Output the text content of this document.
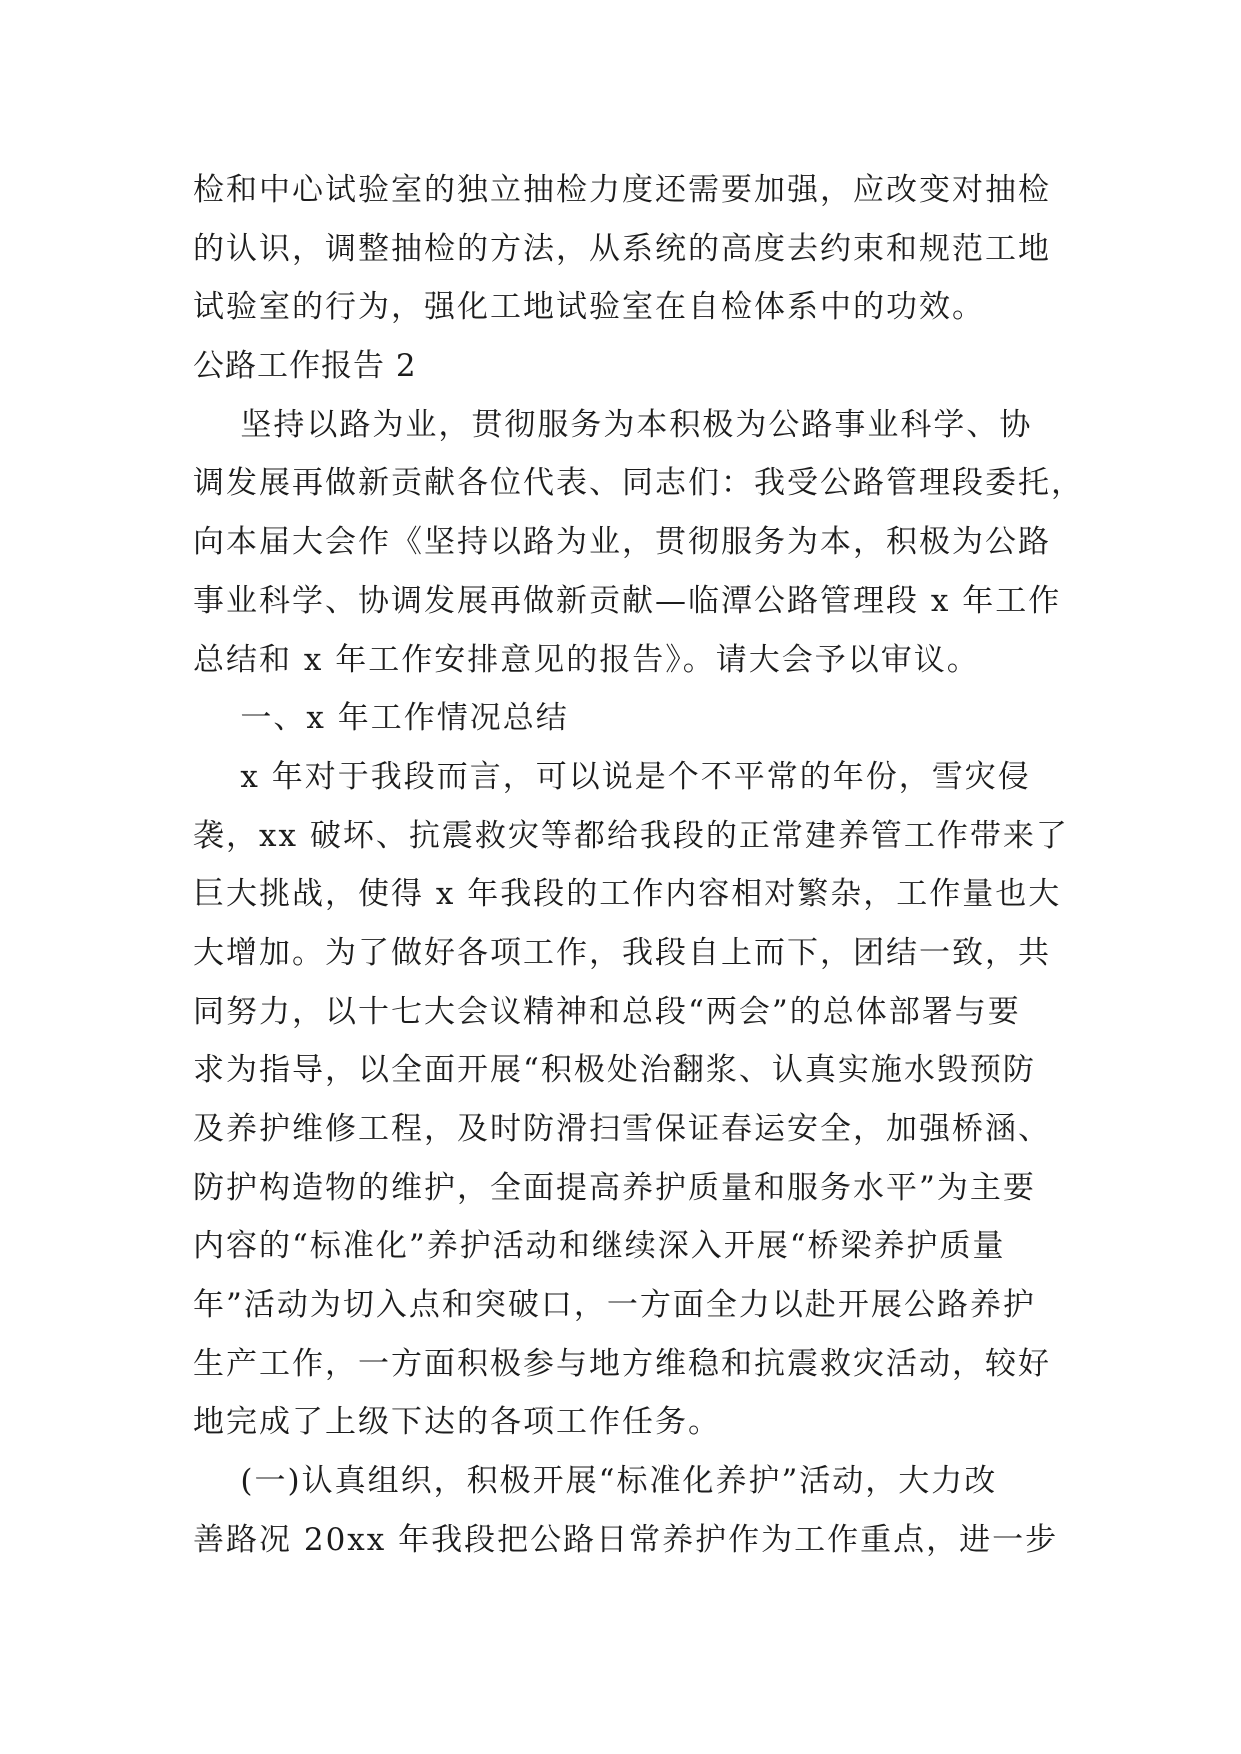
检和中心试验室的独立抽检力度还需要加强，应改变对抽检
的认识，调整抽检的方法，从系统的高度去约束和规范工地
试验室的行为，强化工地试验室在自检体系中的功效。
公路工作报告 2
坚持以路为业，贯彻服务为本积极为公路事业科学、协
调发展再做新贡献各位代表、同志们：我受公路管理段委托，
向本届大会作《坚持以路为业，贯彻服务为本，积极为公路
事业科学、协调发展再做新贡献—临潭公路管理段 x 年工作
总结和 x 年工作安排意见的报告》。请大会予以审议。
一、x 年工作情况总结
x 年对于我段而言，可以说是个不平常的年份，雪灾侵
袭，xx 破坏、抗震救灾等都给我段的正常建养管工作带来了
巨大挑战，使得 x 年我段的工作内容相对繁杂，工作量也大
大增加。为了做好各项工作，我段自上而下，团结一致，共
同努力，以十七大会议精神和总段“两会”的总体部署与要
求为指导，以全面开展“积极处治翻浆、认真实施水毁预防
及养护维修工程，及时防滑扫雪保证春运安全，加强桥涵、
防护构造物的维护，全面提高养护质量和服务水平”为主要
内容的“标准化”养护活动和继续深入开展“桥梁养护质量
年”活动为切入点和突破口，一方面全力以赴开展公路养护
生产工作，一方面积极参与地方维稳和抗震救灾活动，较好
地完成了上级下达的各项工作任务。
(一)认真组织，积极开展“标准化养护”活动，大力改
善路况 20xx 年我段把公路日常养护作为工作重点，进一步
